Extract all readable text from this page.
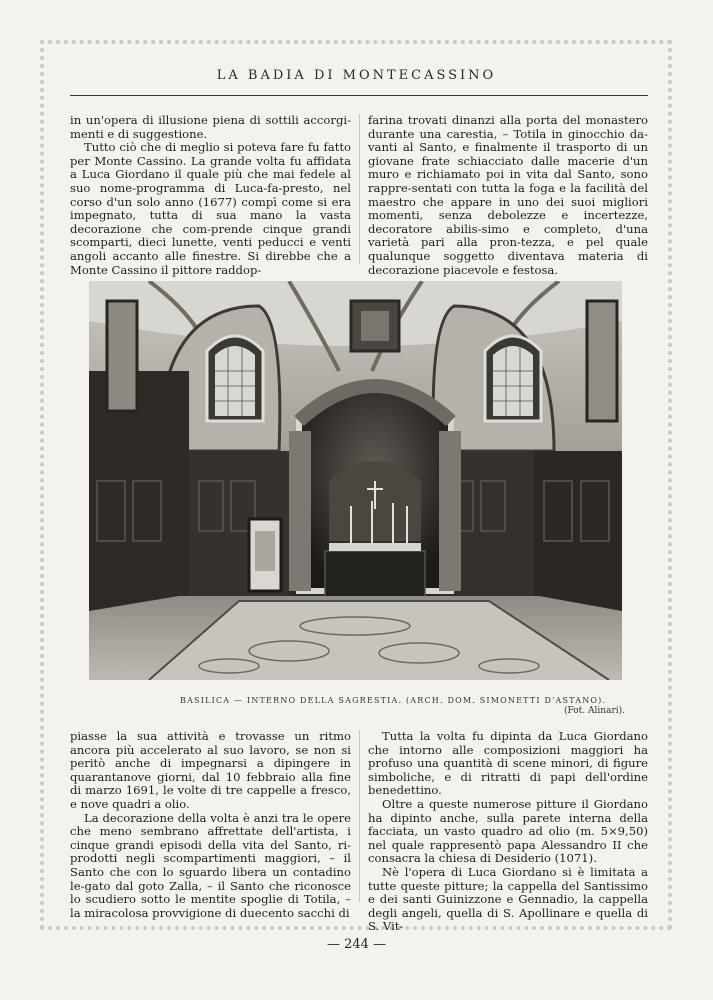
LA BADIA DI MONTECASSINO

in un'opera di illusione piena di sottili accorgi-menti e di suggestione.

Tutto ciò che di meglio si poteva fare fu fatto per Monte Cassino. La grande volta fu affidata a Luca Giordano il quale più che mai fedele al suo nome-programma di Luca-fa-presto, nel corso d'un solo anno (1677) compì come si era impegnato, tutta di sua mano la vasta decorazione che com-prende cinque grandi scomparti, dieci lunette, venti peducci e venti angoli accanto alle finestre. Si direbbe che a Monte Cassino il pittore raddop-

farina trovati dinanzi alla porta del monastero durante una carestia, – Totila in ginocchio da-vanti al Santo, e finalmente il trasporto di un giovane frate schiacciato dalle macerie d'un muro e richiamato poi in vita dal Santo, sono rappre-sentati con tutta la foga e la facilità del maestro che appare in uno dei suoi migliori momenti, senza debolezze e incertezze, decoratore abilis-simo e completo, d'una varietà pari alla pron-tezza, e pel quale qualunque soggetto diventava materia di decorazione piacevole e festosa.

BASILICA — INTERNO DELLA SAGRESTIA. (ARCH. DOM. SIMONETTI D'ASTANO).
(Fot. Alinari).

piasse la sua attività e trovasse un ritmo ancora più accelerato al suo lavoro, se non si peritò anche di impegnarsi a dipingere in quarantanove giorni, dal 10 febbraio alla fine di marzo 1691, le volte di tre cappelle a fresco, e nove quadri a olio.

La decorazione della volta è anzi tra le opere che meno sembrano affrettate dell'artista, i cinque grandi episodi della vita del Santo, ri-prodotti negli scompartimenti maggiori, – il Santo che con lo sguardo libera un contadino le-gato dal goto Zalla, – il Santo che riconosce lo scudiero sotto le mentite spoglie di Totila, – la miracolosa provvigione di duecento sacchi di

Tutta la volta fu dipinta da Luca Giordano che intorno alle composizioni maggiori ha profuso una quantità di scene minori, di figure simboliche, e di ritratti di papi dell'ordine benedettino.

Oltre a queste numerose pitture il Giordano ha dipinto anche, sulla parete interna della facciata, un vasto quadro ad olio (m. 5×9,50) nel quale rappresentò papa Alessandro II che consacra la chiesa di Desiderio (1071).

Nè l'opera di Luca Giordano si è limitata a tutte queste pitture; la cappella del Santissimo e dei santi Guinizzone e Gennadio, la cappella degli angeli, quella di S. Apollinare e quella di S. Vit-

— 244 —
